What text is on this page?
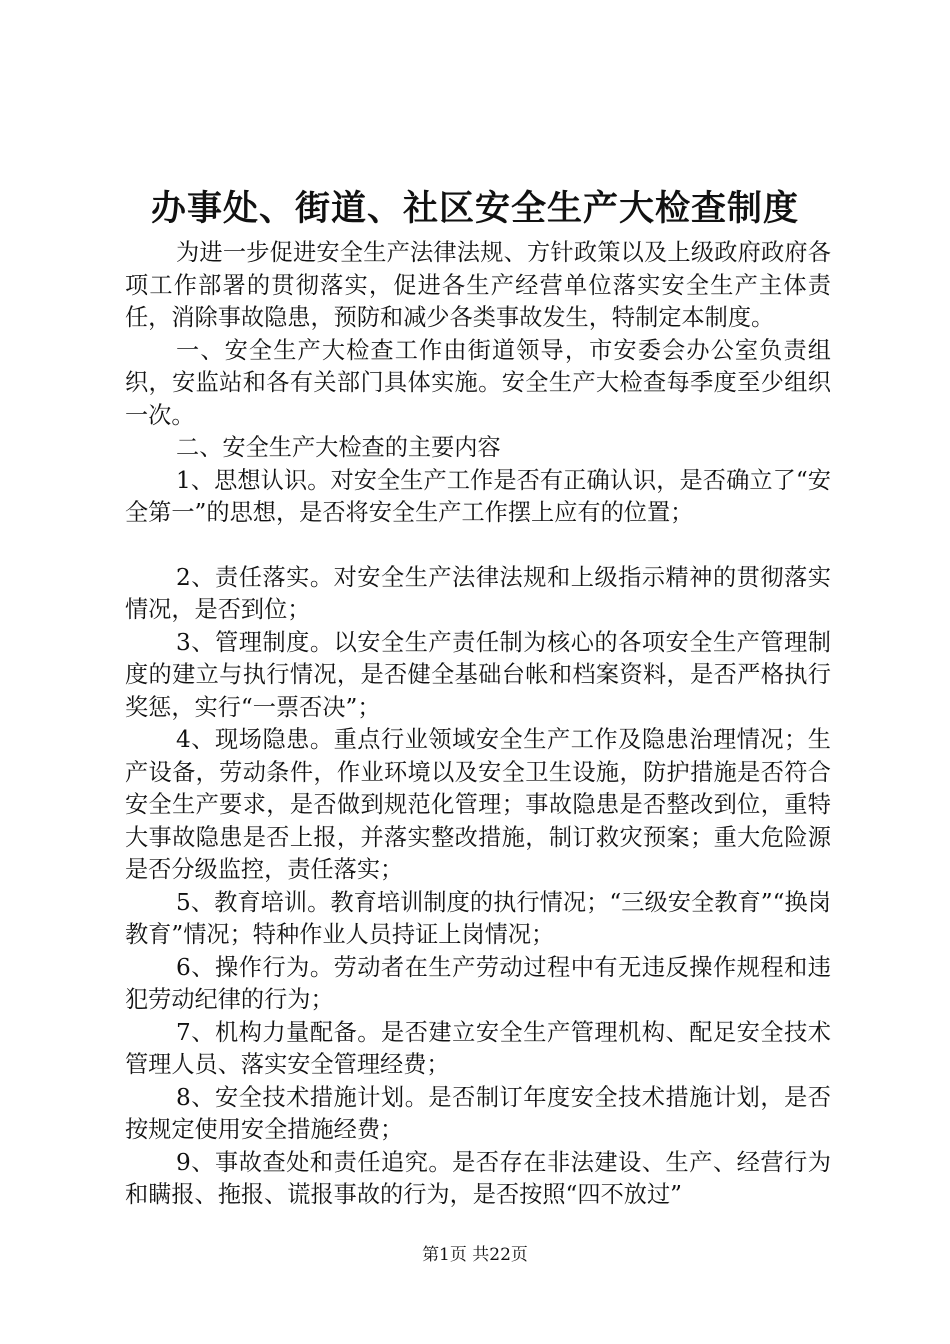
办事处、街道、社区安全生产大检查制度

为进一步促进安全生产法律法规、方针政策以及上级政府政府各项工作部署的贯彻落实，促进各生产经营单位落实安全生产主体责任，消除事故隐患，预防和减少各类事故发生，特制定本制度。

一、安全生产大检查工作由街道领导，市安委会办公室负责组织，安监站和各有关部门具体实施。安全生产大检查每季度至少组织一次。

二、安全生产大检查的主要内容

1、思想认识。对安全生产工作是否有正确认识，是否确立了“安全第一”的思想，是否将安全生产工作摆上应有的位置；

2、责任落实。对安全生产法律法规和上级指示精神的贯彻落实情况，是否到位；

3、管理制度。以安全生产责任制为核心的各项安全生产管理制度的建立与执行情况，是否健全基础台帐和档案资料，是否严格执行奖惩，实行“一票否决”；

4、现场隐患。重点行业领域安全生产工作及隐患治理情况；生产设备，劳动条件，作业环境以及安全卫生设施，防护措施是否符合安全生产要求，是否做到规范化管理；事故隐患是否整改到位，重特大事故隐患是否上报，并落实整改措施，制订救灾预案；重大危险源是否分级监控，责任落实；

5、教育培训。教育培训制度的执行情况；“三级安全教育”“换岗教育”情况；特种作业人员持证上岗情况；

6、操作行为。劳动者在生产劳动过程中有无违反操作规程和违犯劳动纪律的行为；

7、机构力量配备。是否建立安全生产管理机构、配足安全技术管理人员、落实安全管理经费；

8、安全技术措施计划。是否制订年度安全技术措施计划，是否按规定使用安全措施经费；

9、事故查处和责任追究。是否存在非法建设、生产、经营行为和瞒报、拖报、谎报事故的行为，是否按照“四不放过”

第1页 共22页
